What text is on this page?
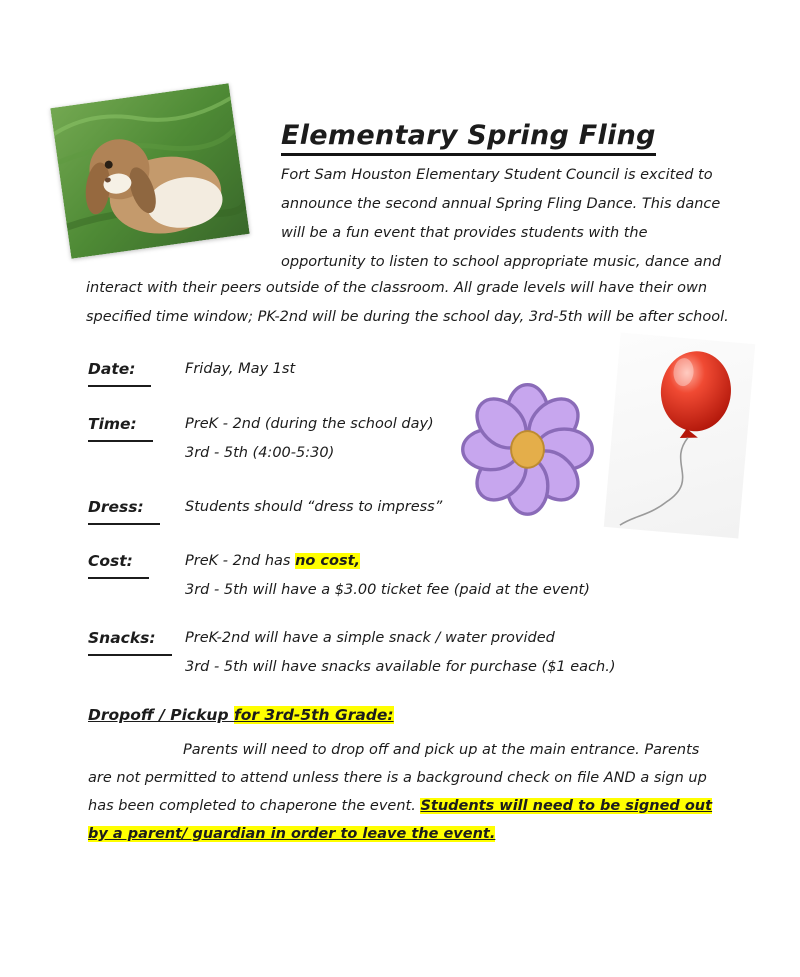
Elementary Spring Fling
Fort Sam Houston Elementary Student Council is excited to announce the second annual Spring Fling Dance. This dance will be a fun event that provides students with the opportunity to listen to school appropriate music, dance and
interact with their peers outside of the classroom. All grade levels will have their own specified time window; PK-2nd will be during the school day, 3rd-5th will be after school.
Date:	Friday, May 1st
Time:	PreK - 2nd (during the school day)
3rd - 5th (4:00-5:30)
Dress:	Students should “dress to impress”
Cost:	PreK - 2nd has no cost,
3rd - 5th will have a $3.00 ticket fee (paid at the event)
Snacks:	PreK-2nd will have a simple snack / water provided
3rd - 5th will have snacks available for purchase ($1 each.)
Dropoff / Pickup for 3rd-5th Grade:
Parents will need to drop off and pick up at the main entrance. Parents are not permitted to attend unless there is a background check on file AND a sign up has been completed to chaperone the event. Students will need to be signed out by a parent/ guardian in order to leave the event.
